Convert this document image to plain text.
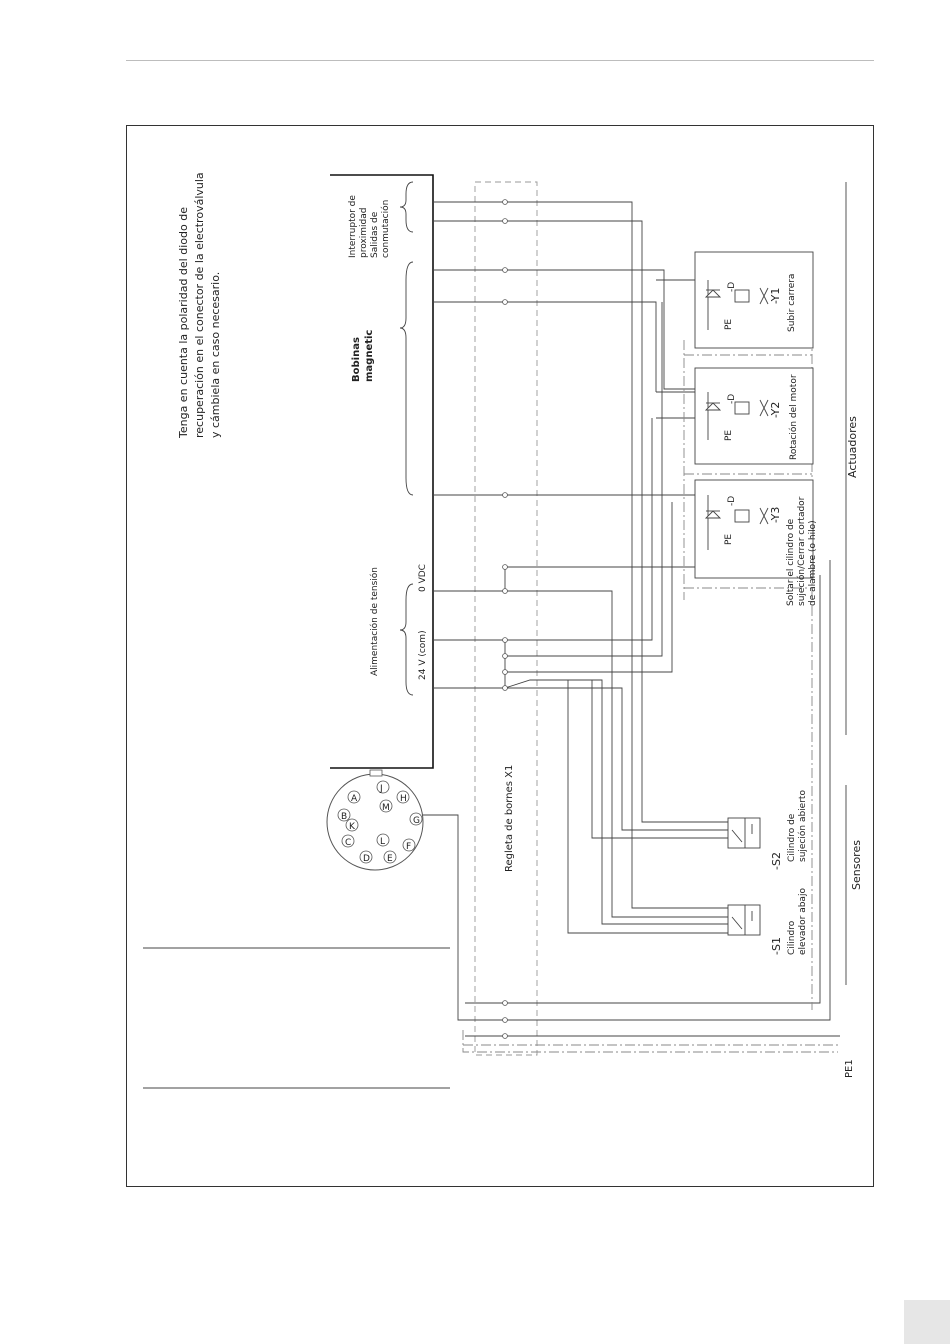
Tenga en cuenta la polaridad del diodo de recuperación en el conector de la electroválvula y cámbiela en caso necesario.
Interruptor de proximidad Salidas de conmutación
Bobinas magnetic
Alimentación de tensión	24 V (com)
0 VDC
Regleta de bornes X1
-D
PE
-Y1 Subir carrera
-D
PE
-Y2 Rotación del motor
-D
PE
-Y3
Soltar el cilindro de sujeción/Cerrar cortador de alambre (o hilo)
Actuadores
-S2 Cilindro de sujeción abierto
-S1 Cilindro elevador abajo
Sensores
PE1
J
H
A
M
B
K
G
L
C	F
D E
